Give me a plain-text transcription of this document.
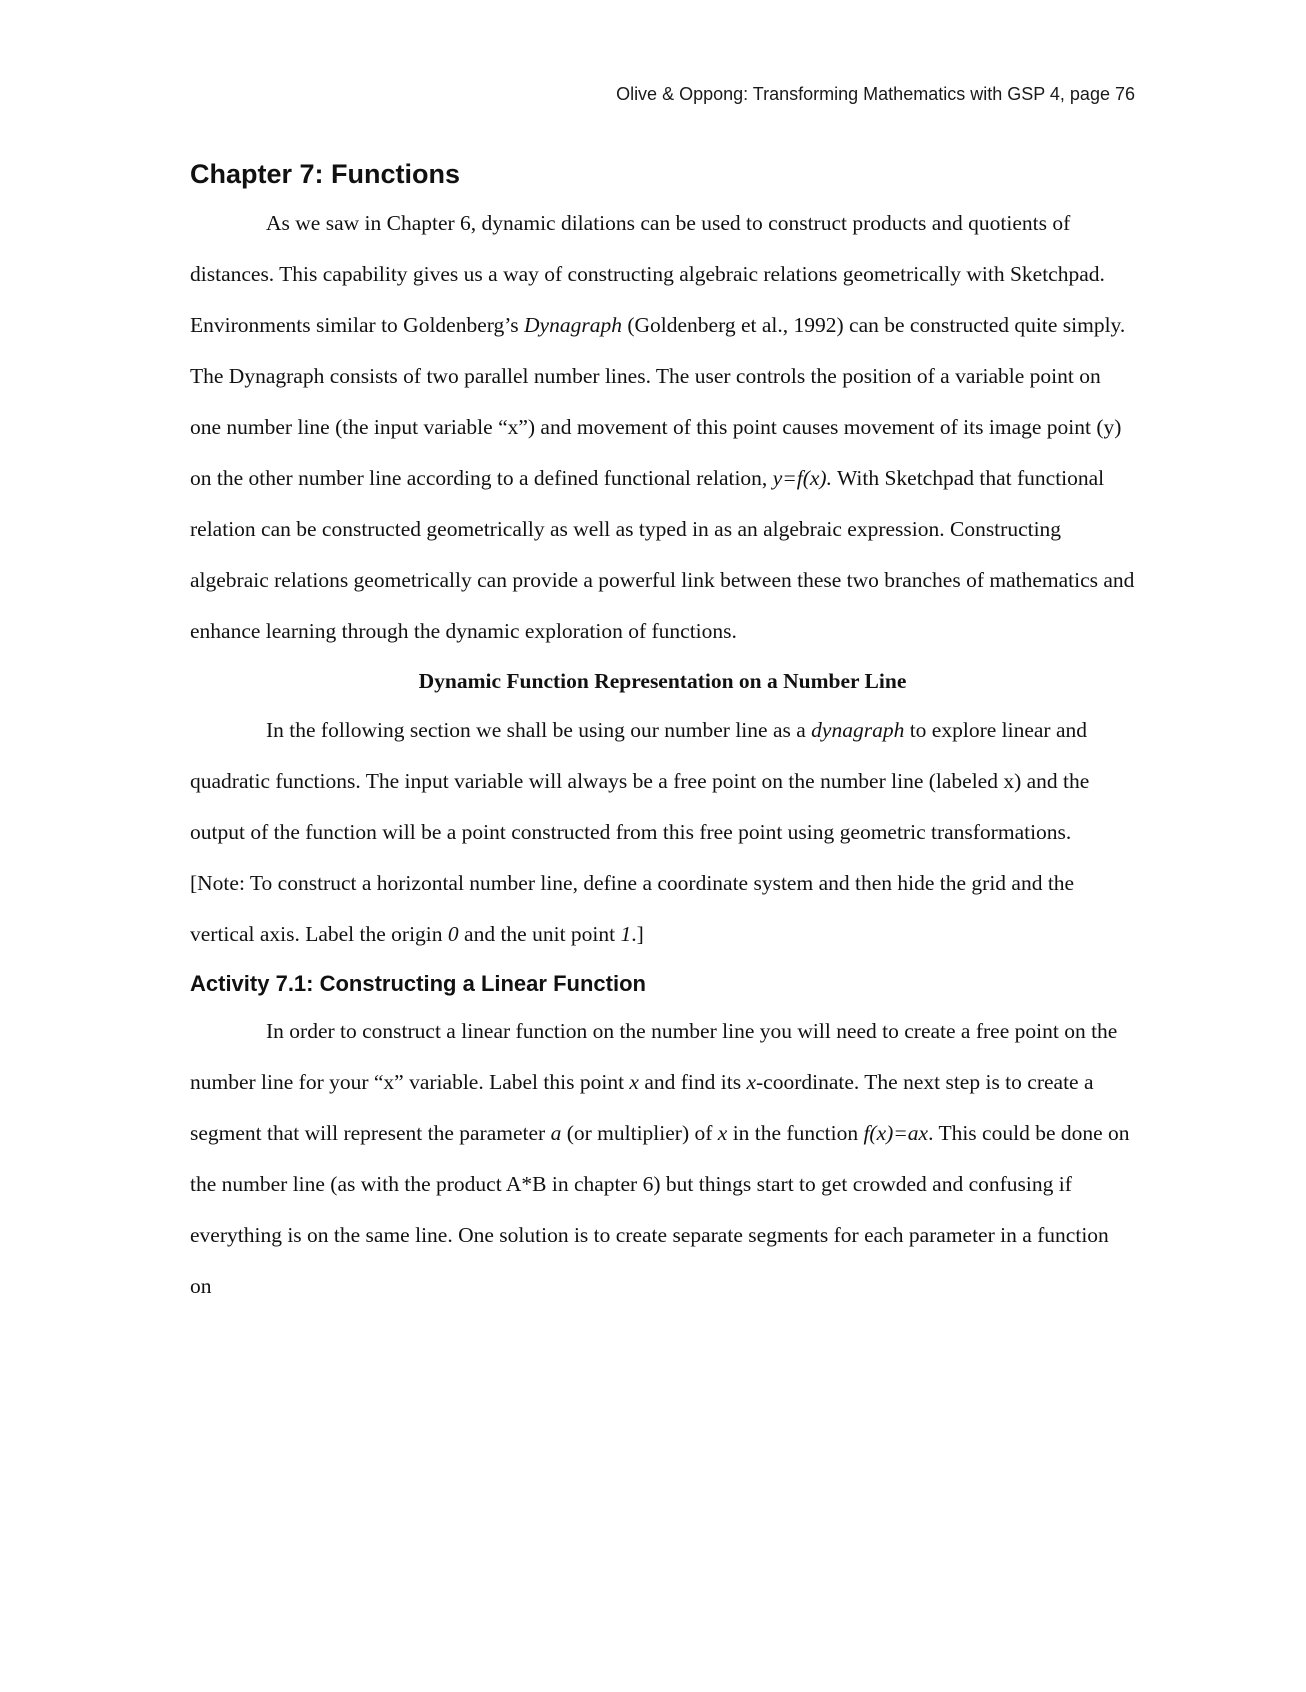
Olive & Oppong: Transforming Mathematics with GSP 4, page 76
Chapter 7: Functions

As we saw in Chapter 6, dynamic dilations can be used to construct products and quotients of distances. This capability gives us a way of constructing algebraic relations geometrically with Sketchpad. Environments similar to Goldenberg’s Dynagraph (Goldenberg et al., 1992) can be constructed quite simply. The Dynagraph consists of two parallel number lines. The user controls the position of a variable point on one number line (the input variable “x”) and movement of this point causes movement of its image point (y) on the other number line according to a defined functional relation, y=f(x). With Sketchpad that functional relation can be constructed geometrically as well as typed in as an algebraic expression. Constructing algebraic relations geometrically can provide a powerful link between these two branches of mathematics and enhance learning through the dynamic exploration of functions.

Dynamic Function Representation on a Number Line

In the following section we shall be using our number line as a dynagraph to explore linear and quadratic functions. The input variable will always be a free point on the number line (labeled x) and the output of the function will be a point constructed from this free point using geometric transformations.

[Note: To construct a horizontal number line, define a coordinate system and then hide the grid and the vertical axis. Label the origin 0 and the unit point 1.]

Activity 7.1: Constructing a Linear Function

In order to construct a linear function on the number line you will need to create a free point on the number line for your “x” variable. Label this point x and find its x-coordinate. The next step is to create a segment that will represent the parameter a (or multiplier) of x in the function f(x)=ax. This could be done on the number line (as with the product A*B in chapter 6) but things start to get crowded and confusing if everything is on the same line. One solution is to create separate segments for each parameter in a function on
